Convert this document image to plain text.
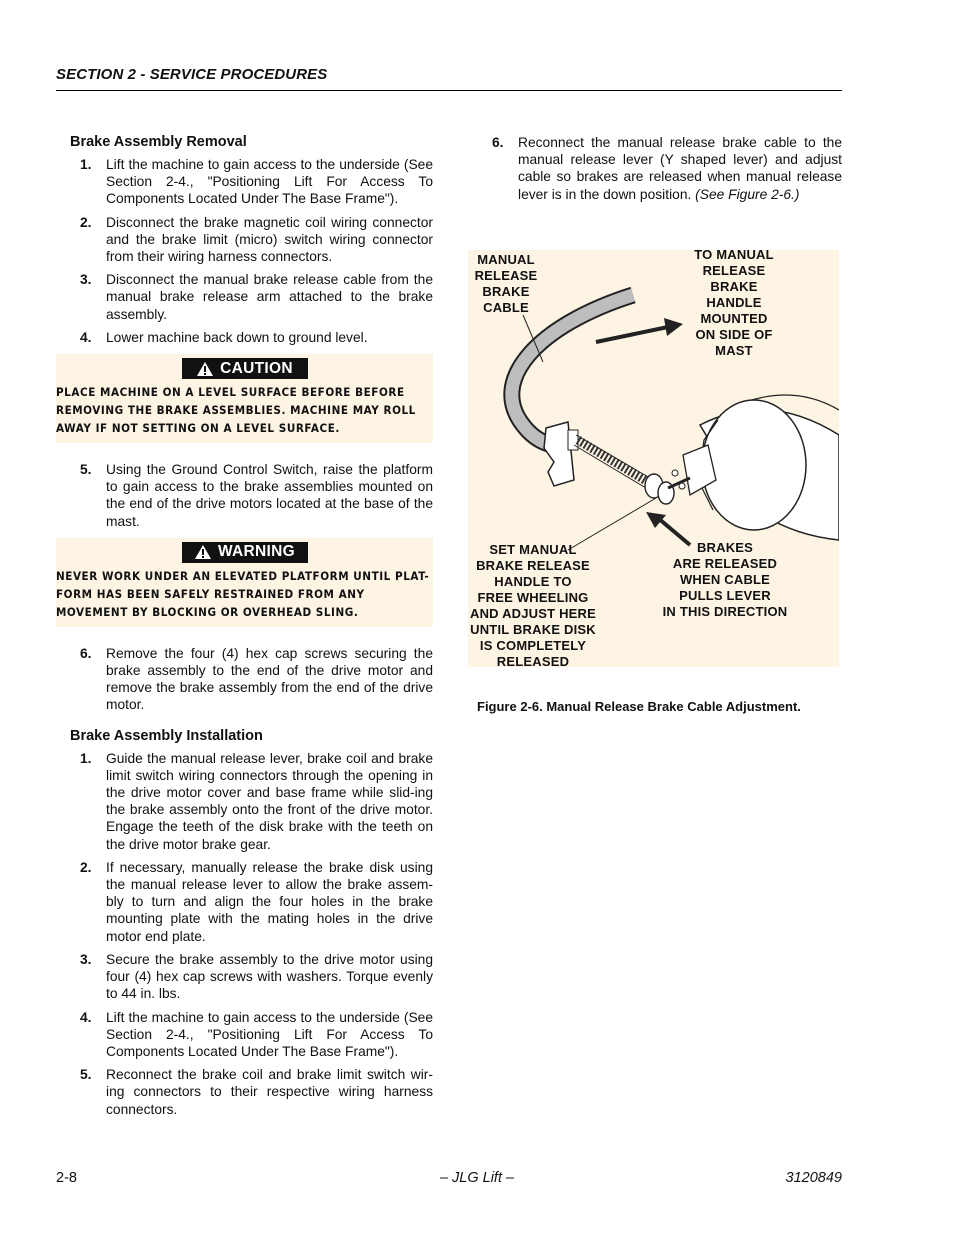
SECTION 2 - SERVICE PROCEDURES
Brake Assembly Removal
1. Lift the machine to gain access to the underside (See Section 2-4., "Positioning Lift For Access To Components Located Under The Base Frame").
2. Disconnect the brake magnetic coil wiring connector and the brake limit (micro) switch wiring connector from their wiring harness connectors.
3. Disconnect the manual brake release cable from the manual brake release arm attached to the brake assembly.
4. Lower machine back down to ground level.
CAUTION

PLACE MACHINE ON A LEVEL SURFACE BEFORE BEFORE REMOVING THE BRAKE ASSEMBLIES. MACHINE MAY ROLL AWAY IF NOT SETTING ON A LEVEL SURFACE.

5. Using the Ground Control Switch, raise the platform to gain access to the brake assemblies mounted on the end of the drive motors located at the base of the mast.
WARNING

NEVER WORK UNDER AN ELEVATED PLATFORM UNTIL PLAT-FORM HAS BEEN SAFELY RESTRAINED FROM ANY MOVEMENT BY BLOCKING OR OVERHEAD SLING.

6. Remove the four (4) hex cap screws securing the brake assembly to the end of the drive motor and remove the brake assembly from the end of the drive motor.
Brake Assembly Installation
1. Guide the manual release lever, brake coil and brake limit switch wiring connectors through the opening in the drive motor cover and base frame while slid-ing the brake assembly onto the front of the drive motor. Engage the teeth of the disk brake with the teeth on the drive motor brake gear.
2. If necessary, manually release the brake disk using the manual release lever to allow the brake assem-bly to turn and align the four holes in the brake mounting plate with the mating holes in the drive motor end plate.
3. Secure the brake assembly to the drive motor using four (4) hex cap screws with washers. Torque evenly to 44 in. lbs.
4. Lift the machine to gain access to the underside (See Section 2-4., "Positioning Lift For Access To Components Located Under The Base Frame").
5. Reconnect the brake coil and brake limit switch wir-ing connectors to their respective wiring harness connectors.
6. Reconnect the manual release brake cable to the manual release lever (Y shaped lever) and adjust cable so brakes are released when manual release lever is in the down position. (See Figure 2-6.)
MANUAL
RELEASE
BRAKE
CABLE
TO MANUAL
RELEASE
BRAKE
HANDLE
MOUNTED
ON SIDE OF
MAST
SET MANUAL
BRAKE RELEASE
HANDLE TO
FREE WHEELING
AND ADJUST HERE
UNTIL BRAKE DISK
IS COMPLETELY
RELEASED
BRAKES
ARE RELEASED
WHEN CABLE
PULLS LEVER
IN THIS DIRECTION
Figure 2-6. Manual Release Brake Cable Adjustment.
2-8	– JLG Lift –	3120849
